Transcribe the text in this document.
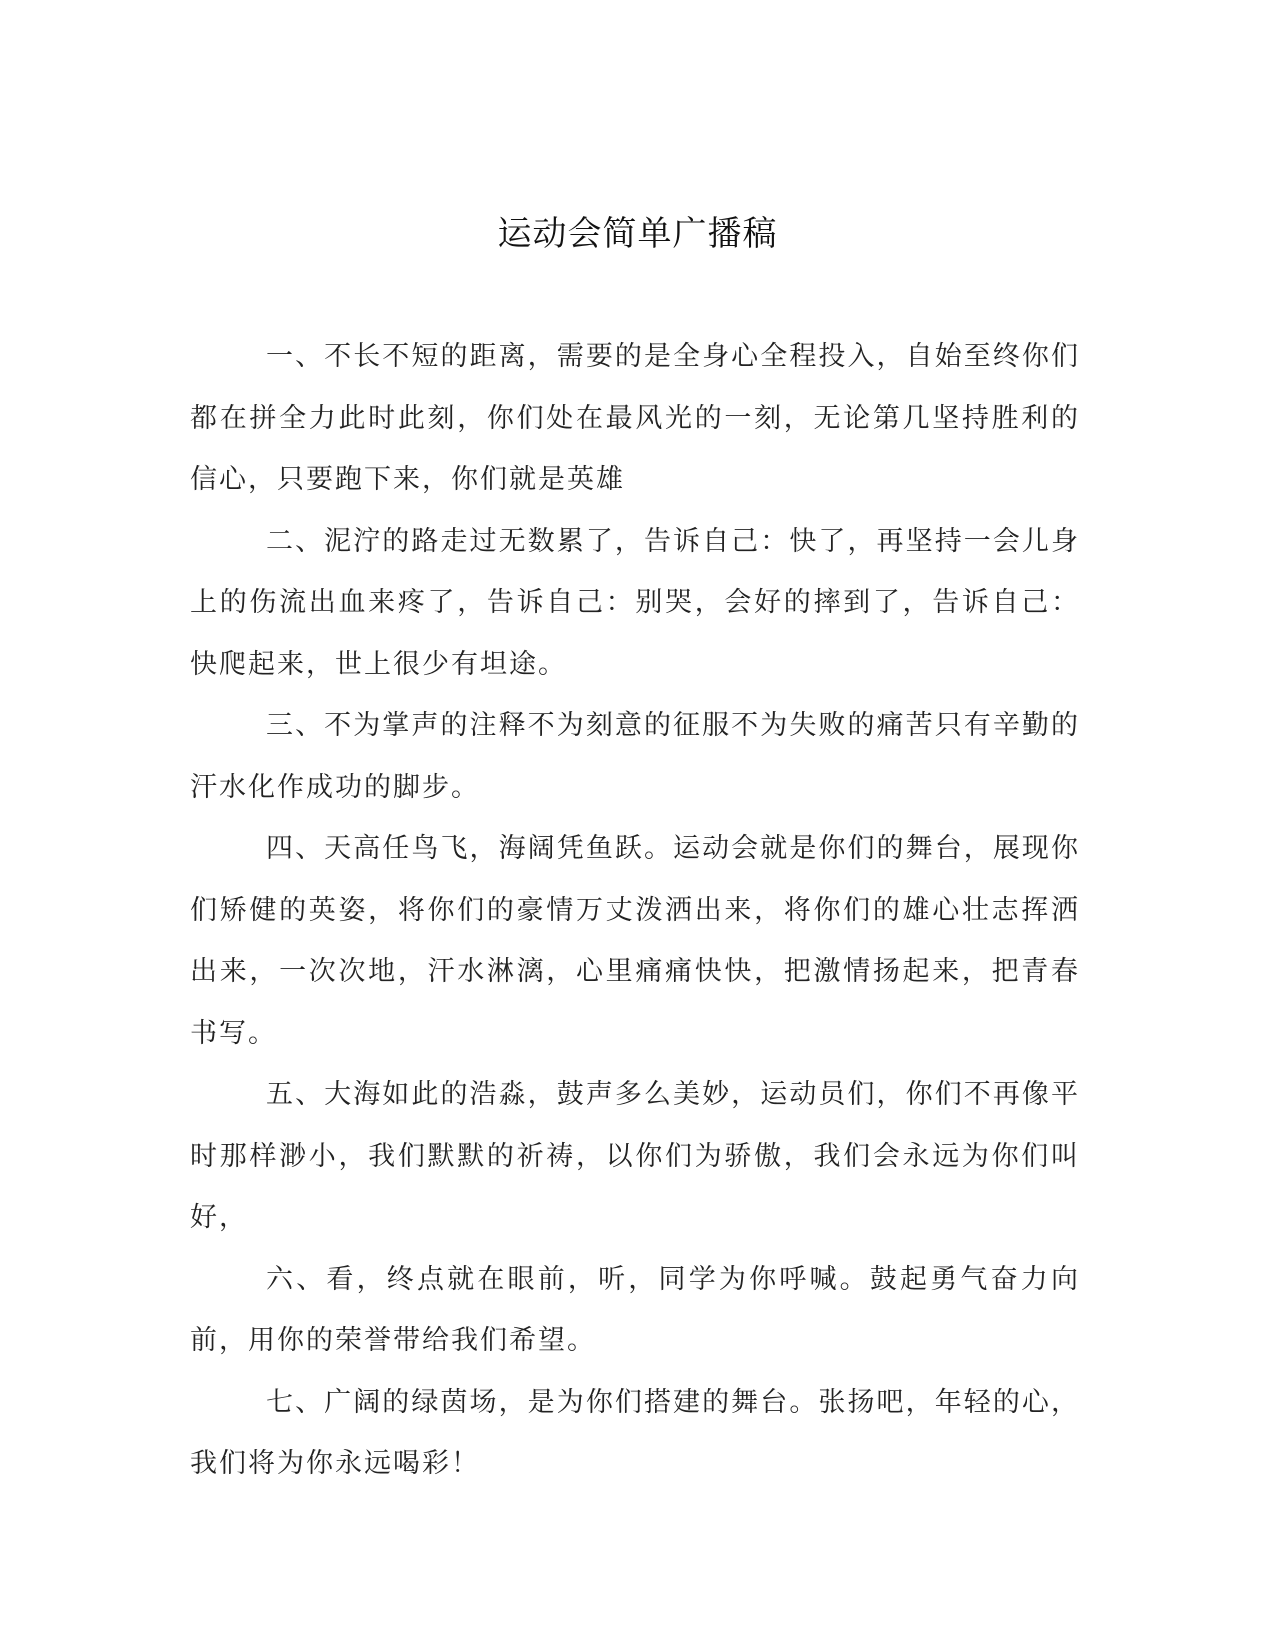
运动会简单广播稿

一、不长不短的距离，需要的是全身心全程投入，自始至终你们都在拼全力此时此刻，你们处在最风光的一刻，无论第几坚持胜利的信心，只要跑下来，你们就是英雄

二、泥泞的路走过无数累了，告诉自己：快了，再坚持一会儿身上的伤流出血来疼了，告诉自己：别哭，会好的摔到了，告诉自己：快爬起来，世上很少有坦途。

三、不为掌声的注释不为刻意的征服不为失败的痛苦只有辛勤的汗水化作成功的脚步。

四、天高任鸟飞，海阔凭鱼跃。运动会就是你们的舞台，展现你们矫健的英姿，将你们的豪情万丈泼洒出来，将你们的雄心壮志挥洒出来，一次次地，汗水淋漓，心里痛痛快快，把激情扬起来，把青春书写。

五、大海如此的浩淼，鼓声多么美妙，运动员们，你们不再像平时那样渺小，我们默默的祈祷，以你们为骄傲，我们会永远为你们叫好，

六、看，终点就在眼前，听，同学为你呼喊。鼓起勇气奋力向前，用你的荣誉带给我们希望。

七、广阔的绿茵场，是为你们搭建的舞台。张扬吧，年轻的心，我们将为你永远喝彩！
